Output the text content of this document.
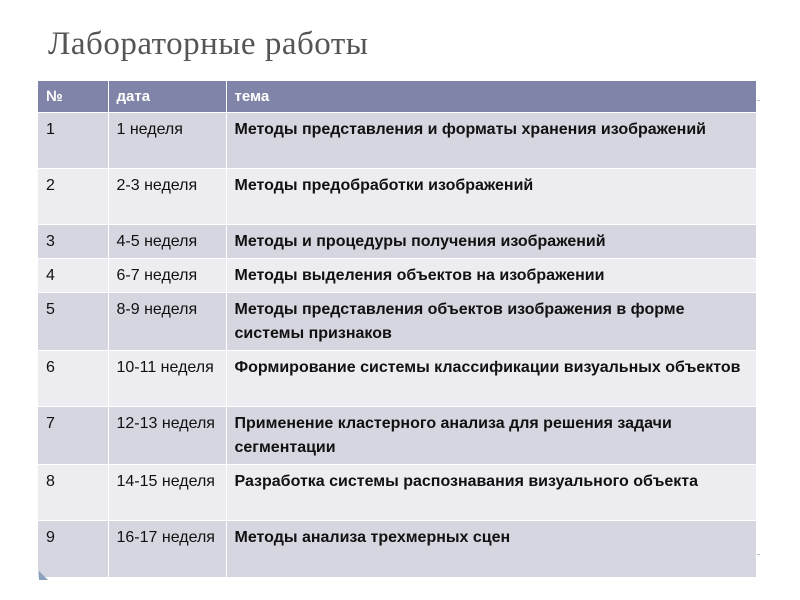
Лабораторные работы
№	дата	тема
1	1 неделя	Методы представления и форматы хранения изображений
2	2-3 неделя	Методы предобработки изображений
3	4-5 неделя	Методы и процедуры получения изображений
4	6-7 неделя	Методы выделения объектов на изображении
5	8-9 неделя	Методы представления объектов изображения в форме системы признаков
6	10-11 неделя	Формирование системы классификации визуальных объектов
7	12-13 неделя	Применение кластерного анализа для решения задачи сегментации
8	14-15 неделя	Разработка системы распознавания визуального объекта
9	16-17 неделя	Методы анализа трехмерных сцен
